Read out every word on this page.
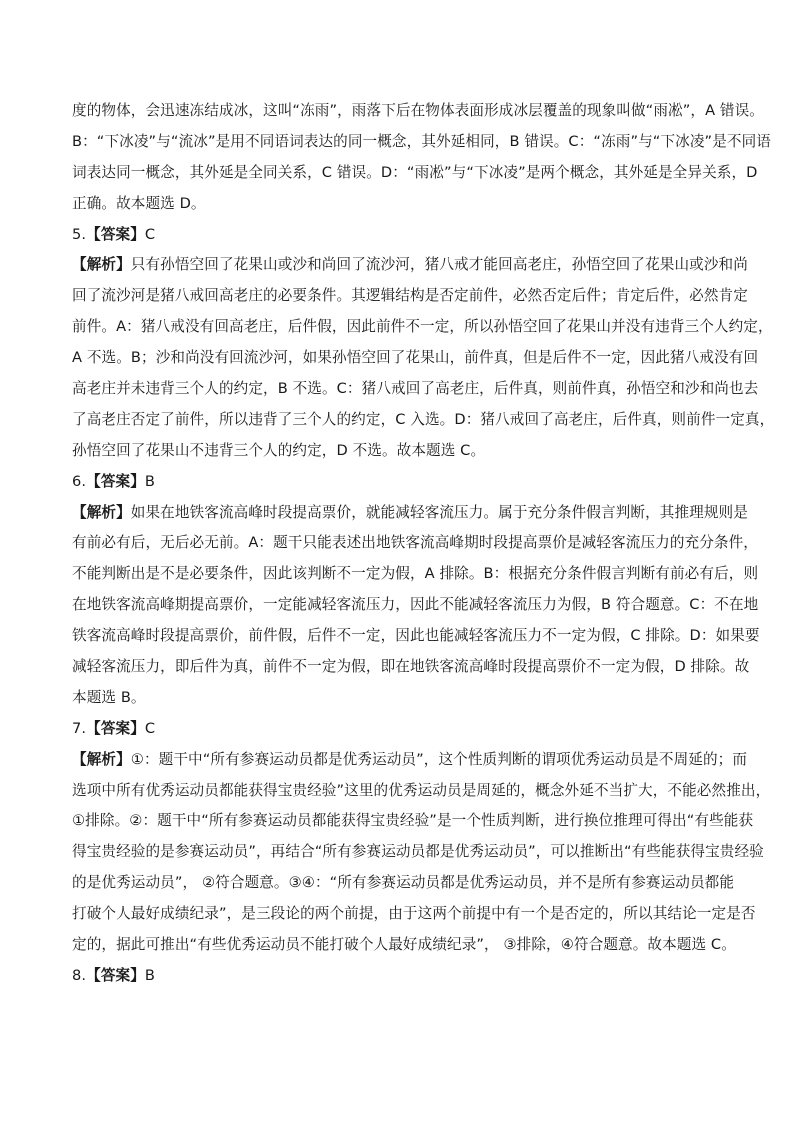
度的物体，会迅速冻结成冰，这叫“冻雨”，雨落下后在物体表面形成冰层覆盖的现象叫做“雨凇”，A 错误。
B：“下冰凌”与“流冰”是用不同语词表达的同一概念，其外延相同，B 错误。C：“冻雨”与“下冰凌”是不同语
词表达同一概念，其外延是全同关系，C 错误。D：“雨凇”与“下冰凌”是两个概念，其外延是全异关系，D
正确。故本题选 D。
5.【答案】C
【解析】只有孙悟空回了花果山或沙和尚回了流沙河，猪八戒才能回高老庄，孙悟空回了花果山或沙和尚
回了流沙河是猪八戒回高老庄的必要条件。其逻辑结构是否定前件，必然否定后件；肯定后件，必然肯定
前件。A：猪八戒没有回高老庄，后件假，因此前件不一定，所以孙悟空回了花果山并没有违背三个人约定，
A 不选。B；沙和尚没有回流沙河，如果孙悟空回了花果山，前件真，但是后件不一定，因此猪八戒没有回
高老庄并未违背三个人的约定，B 不选。C：猪八戒回了高老庄，后件真，则前件真，孙悟空和沙和尚也去
了高老庄否定了前件，所以违背了三个人的约定，C 入选。D：猪八戒回了高老庄，后件真，则前件一定真，
孙悟空回了花果山不违背三个人的约定，D 不选。故本题选 C。
6.【答案】B
【解析】如果在地铁客流高峰时段提高票价，就能减轻客流压力。属于充分条件假言判断，其推理规则是
有前必有后，无后必无前。A：题干只能表述出地铁客流高峰期时段提高票价是减轻客流压力的充分条件，
不能判断出是不是必要条件，因此该判断不一定为假，A 排除。B：根据充分条件假言判断有前必有后，则
在地铁客流高峰期提高票价，一定能减轻客流压力，因此不能减轻客流压力为假，B 符合题意。C：不在地
铁客流高峰时段提高票价，前件假，后件不一定，因此也能减轻客流压力不一定为假，C 排除。D：如果要
减轻客流压力，即后件为真，前件不一定为假，即在地铁客流高峰时段提高票价不一定为假，D 排除。故
本题选 B。
7.【答案】C
【解析】①：题干中“所有参赛运动员都是优秀运动员”，这个性质判断的谓项优秀运动员是不周延的；而
选项中所有优秀运动员都能获得宝贵经验”这里的优秀运动员是周延的，概念外延不当扩大，不能必然推出，
①排除。②：题干中“所有参赛运动员都能获得宝贵经验”是一个性质判断，进行换位推理可得出“有些能获
得宝贵经验的是参赛运动员”，再结合“所有参赛运动员都是优秀运动员”，可以推断出“有些能获得宝贵经验
的是优秀运动员”， ②符合题意。③④：“所有参赛运动员都是优秀运动员，并不是所有参赛运动员都能
打破个人最好成绩纪录”，是三段论的两个前提，由于这两个前提中有一个是否定的，所以其结论一定是否
定的，据此可推出“有些优秀运动员不能打破个人最好成绩纪录”， ③排除，④符合题意。故本题选 C。
8.【答案】B
